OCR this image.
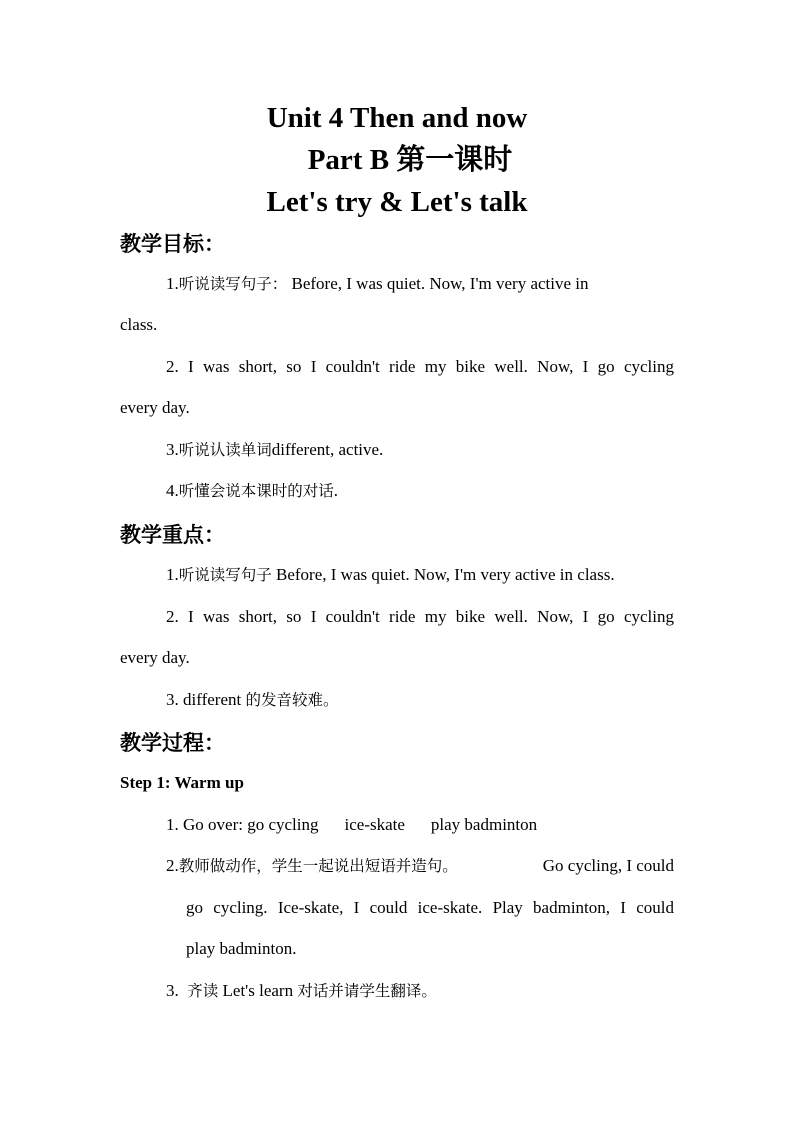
Unit 4 Then and now
Part B 第一课时
Let's try & Let's talk
教学目标：
1.听说读写句子： Before, I was quiet. Now, I'm very active in
class.
2. I was short, so I couldn't ride my bike well. Now, I go cycling
every day.
3.听说认读单词different, active.
4.听懂会说本课时的对话.
教学重点：
1.听说读写句子 Before, I was quiet. Now, I'm very active in class.
2. I was short, so I couldn't ride my bike well. Now, I go cycling
every day.
3. different 的发音较难。
教学过程：
Step 1: Warm up
1. Go over: go cycling ice-skate play badminton
2.教师做动作，学生一起说出短语并造句。	Go cycling, I could
go cycling. Ice-skate, I could ice-skate. Play badminton, I could
play badminton.
3.  齐读 Let's learn 对话并请学生翻译。
